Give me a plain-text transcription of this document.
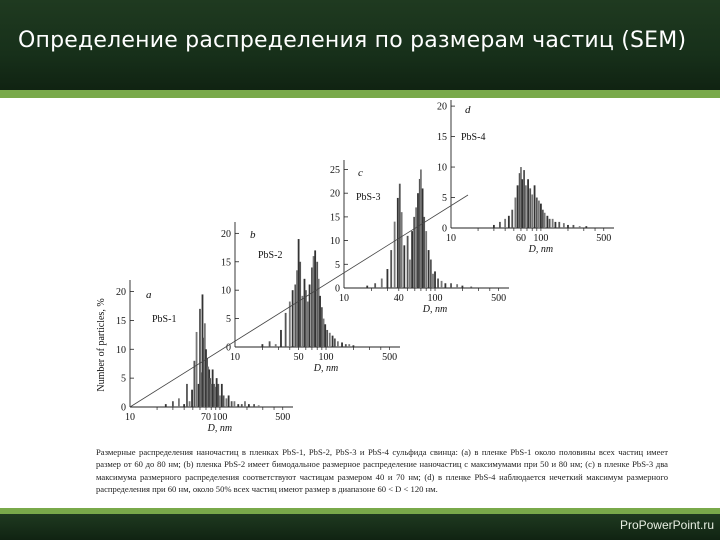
Определение распределения по размерам частиц (SEM)
0
5
10
15
20
10	70 100	500
D, nm
a
PbS-1
0
5
10
15
20
10	50 100	500
D, nm
b
PbS-2
0
5
10
15
20
25
10	40 100	500
D, nm
c
PbS-3
0
5
10
15
20
10	60 100	500
D, nm
d
PbS-4
Number of particles, %
Размерные распределения наночастиц в пленках PbS-1, PbS-2, PbS-3 и PbS-4 сульфида свинца: (a) в пленке PbS-1 около половины всех частиц имеет размер от 60 до 80 нм; (b) пленка PbS-2 имеет бимодальное размерное распределение наночастиц с максимумами при 50 и 80 нм; (c) в пленке PbS-3 два максимума размерного распределения соответствуют частицам размером 40 и 70 нм; (d) в пленке PbS-4 наблюдается нечеткий максимум размерного распределения при 60 нм, около 50% всех частиц имеют размер в диапазоне 60 < D < 120 нм.
ProPowerPoint.ru
